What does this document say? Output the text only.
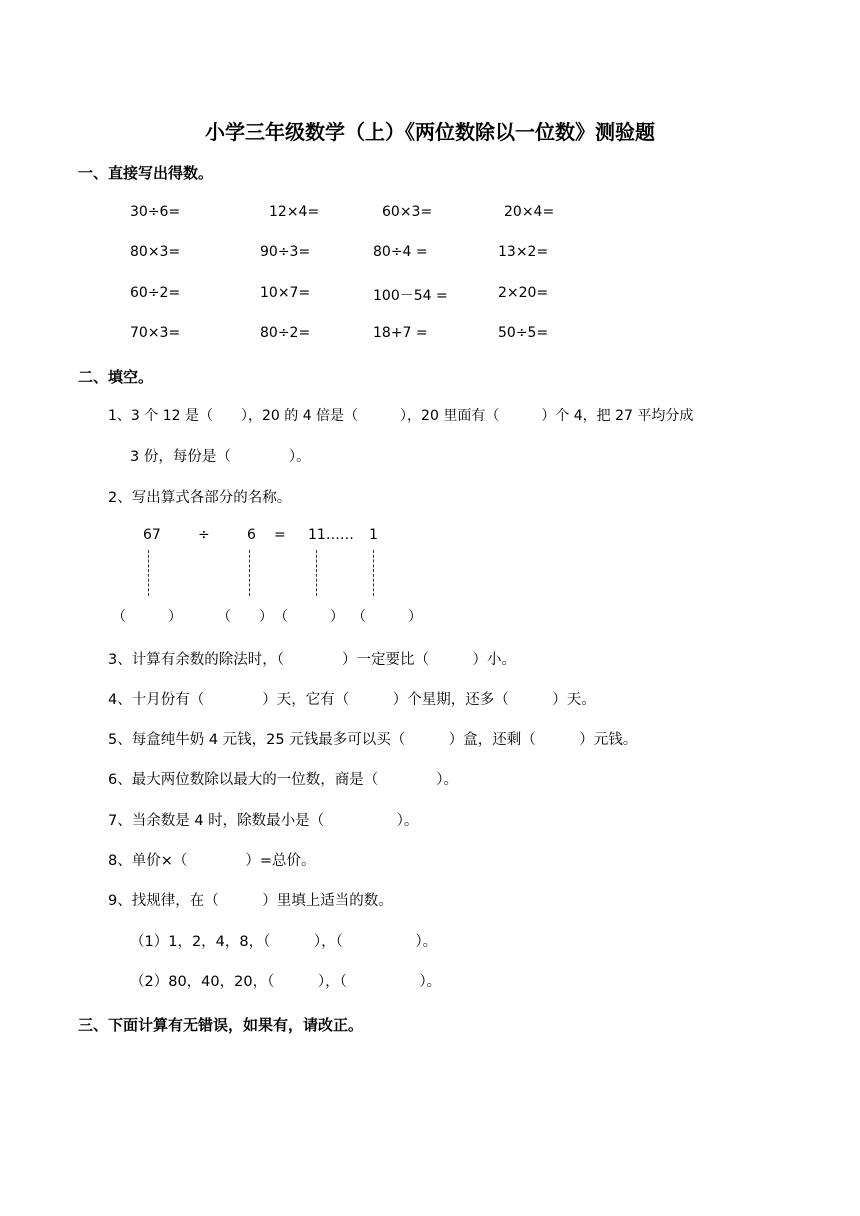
小学三年级数学（上）《两位数除以一位数》测验题
一、直接写出得数。
30÷6=	12×4=	60×3=	20×4=
80×3=	90÷3=	80÷4 =	13×2=
60÷2=	10×7=	100－54 =	2×20=
70×3=	80÷2=	18+7 =	50÷5=
二、填空。
1、3 个 12 是（　　），20 的 4 倍是（　　　），20 里面有（　　　）个 4，把 27 平均分成
3 份，每份是（　　　　）。
2、写出算式各部分的名称。
67	÷	6 = 11…… 1
（　　　）	（　　） （　　　） （　　　）
3、计算有余数的除法时，（　　　　）一定要比（　　　）小。
4、十月份有（　　　　）天，它有（　　　）个星期，还多（　　　）天。
5、每盒纯牛奶 4 元钱，25 元钱最多可以买（　　　）盒，还剩（　　　）元钱。
6、最大两位数除以最大的一位数，商是（　　　　）。
7、当余数是 4 时，除数最小是（　　　　　）。
8、单价×（　　　　）=总价。
9、找规律，在（　　　）里填上适当的数。
（1）1，2，4，8，（　　　），（　　　　　）。
（2）80，40，20，（　　　），（　　　　　）。
三、下面计算有无错误，如果有，请改正。
